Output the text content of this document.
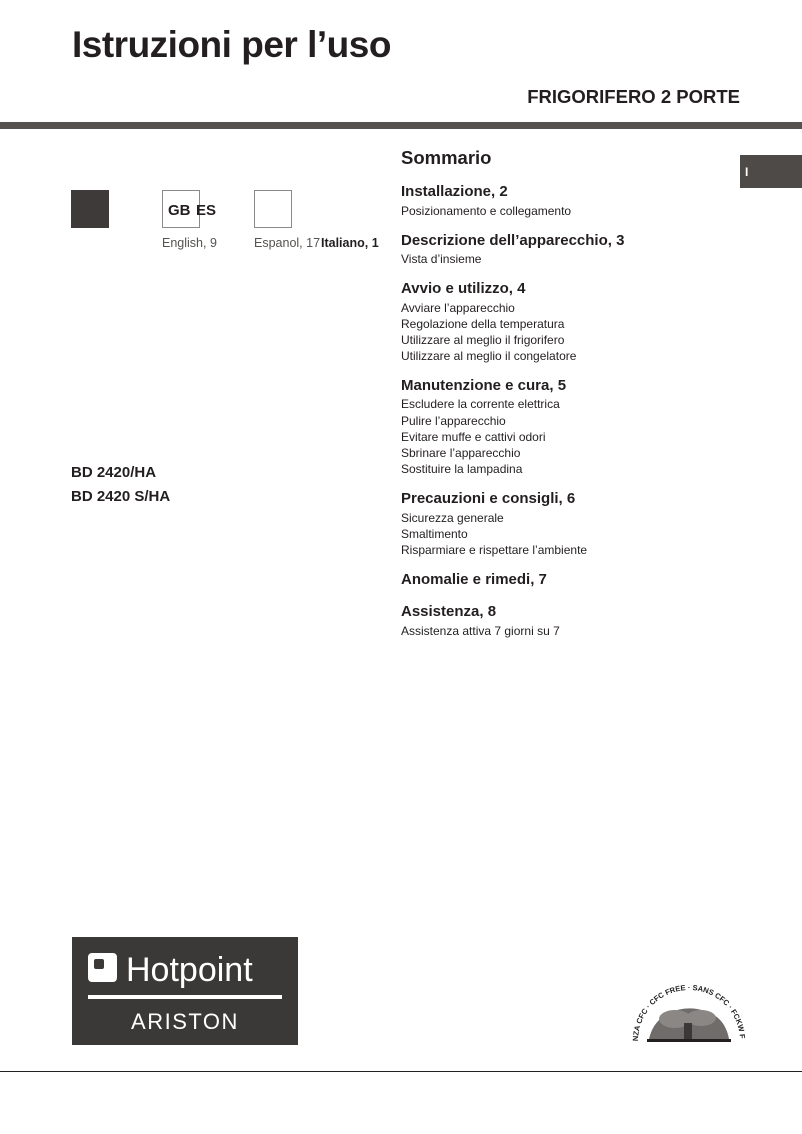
Istruzioni per l’uso
FRIGORIFERO 2 PORTE
I
GB ES
English, 9	Espanol, 17 Italiano, 1
BD 2420/HA
BD 2420 S/HA
Sommario
Installazione, 2
Posizionamento e collegamento
Descrizione dell’apparecchio, 3
Vista d’insieme
Avvio e utilizzo, 4
Avviare l’apparecchio
Regolazione della temperatura
Utilizzare al meglio il frigorifero
Utilizzare al meglio il congelatore
Manutenzione e cura, 5
Escludere la corrente elettrica
Pulire l’apparecchio
Evitare muffe e cattivi odori
Sbrinare l’apparecchio
Sostituire la lampadina
Precauzioni e consigli, 6
Sicurezza generale
Smaltimento
Risparmiare e rispettare l’ambiente
Anomalie e rimedi, 7
Assistenza, 8
Assistenza attiva 7 giorni su 7
Hotpoint
ARISTON
NZA CFC · CFC FREE · SANS CFC · FCKW F
